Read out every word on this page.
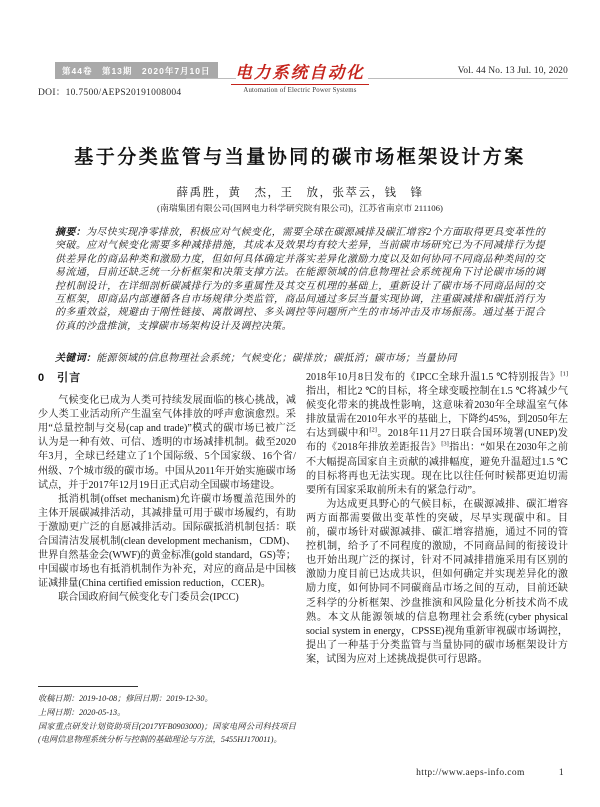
第44卷　第13期　2020年7月10日
DOI：10.7500/AEPS20191008004
电力系统自动化
Automation of Electric Power Systems
Vol. 44 No. 13 Jul. 10, 2020
基于分类监管与当量协同的碳市场框架设计方案
薛禹胜，黄　杰，王　放，张萃云，钱　锋
(南瑞集团有限公司(国网电力科学研究院有限公司)，江苏省南京市 211106)
摘要：为尽快实现净零排放，积极应对气候变化，需要全球在碳源减排及碳汇增容2个方面取得更具变革性的突破。应对气候变化需要多种减排措施，其成本及效果均有较大差异，当前碳市场研究已为不同减排行为提供差异化的商品种类和激励力度，但如何具体确定并落实差异化激励力度以及如何协同不同商品种类间的交易流通，目前还缺乏统一分析框架和决策支撑方法。在能源领域的信息物理社会系统视角下讨论碳市场的调控机制设计，在详细剖析碳减排行为的多重属性及其交互机理的基础上，重新设计了碳市场不同商品间的交互框架，即商品内部遵循各自市场规律分类监管，商品间通过多层当量实现协调，注重碳减排和碳抵消行为的多重效益，规避由于刚性链接、离散调控、多头调控等问题所产生的市场冲击及市场振荡。通过基于混合仿真的沙盘推演，支撑碳市场架构设计及调控决策。
关键词：能源领域的信息物理社会系统；气候变化；碳排放；碳抵消；碳市场；当量协同
0　引言

气候变化已成为人类可持续发展面临的核心挑战，减少人类工业活动所产生温室气体排放的呼声愈演愈烈。采用“总量控制与交易(cap and trade)”模式的碳市场已被广泛认为是一种有效、可信、透明的市场减排机制。截至2020年3月，全球已经建立了1个国际级、5个国家级、16个省/州级、7个城市级的碳市场。中国从2011年开始实施碳市场试点，并于2017年12月19日正式启动全国碳市场建设。

抵消机制(offset mechanism)允许碳市场覆盖范围外的主体开展碳减排活动，其减排量可用于碳市场履约，有助于激励更广泛的自愿减排活动。国际碳抵消机制包括：联合国清洁发展机制(clean development mechanism，CDM)、世界自然基金会(WWF)的黄金标准(gold standard，GS)等；中国碳市场也有抵消机制作为补充，对应的商品是中国核证减排量(China certified emission reduction，CCER)。

联合国政府间气候变化专门委员会(IPCC)

2018年10月8日发布的《IPCC全球升温1.5 ℃特别报告》[1]指出，相比2 ℃的目标，将全球变暖控制在1.5 ℃将减少气候变化带来的挑战性影响，这意味着2030年全球温室气体排放量需在2010年水平的基础上，下降约45%，到2050年左右达到碳中和[2]。2018年11月27日联合国环境署(UNEP)发布的《2018年排放差距报告》[3]指出：“如果在2030年之前不大幅提高国家自主贡献的减排幅度，避免升温超过1.5 ℃的目标将再也无法实现。现在比以往任何时候都更迫切需要所有国家采取前所未有的紧急行动”。

为达成更具野心的气候目标，在碳源减排、碳汇增容两方面都需要做出变革性的突破，尽早实现碳中和。目前，碳市场针对碳源减排、碳汇增容措施，通过不同的管控机制，给予了不同程度的激励，不同商品间的衔接设计也开始出现广泛的探讨，针对不同减排措施采用有区别的激励力度目前已达成共识，但如何确定并实现差异化的激励力度，如何协同不同碳商品市场之间的互动，目前还缺乏科学的分析框架、沙盘推演和风险量化分析技术尚不成熟。本文从能源领域的信息物理社会系统(cyber physical social system in energy，CPSSE)视角重新审视碳市场调控，提出了一种基于分类监管与当量协同的碳市场框架设计方案，试图为应对上述挑战提供可行思路。

收稿日期：2019-10-08；修回日期：2019-12-30。

上网日期：2020-05-13。

国家重点研发计划资助项目(2017YFB0903000)；国家电网公司科技项目(电网信息物理系统分析与控制的基础理论与方法，5455HJ170011)。

http://www.aeps-info.com	1
